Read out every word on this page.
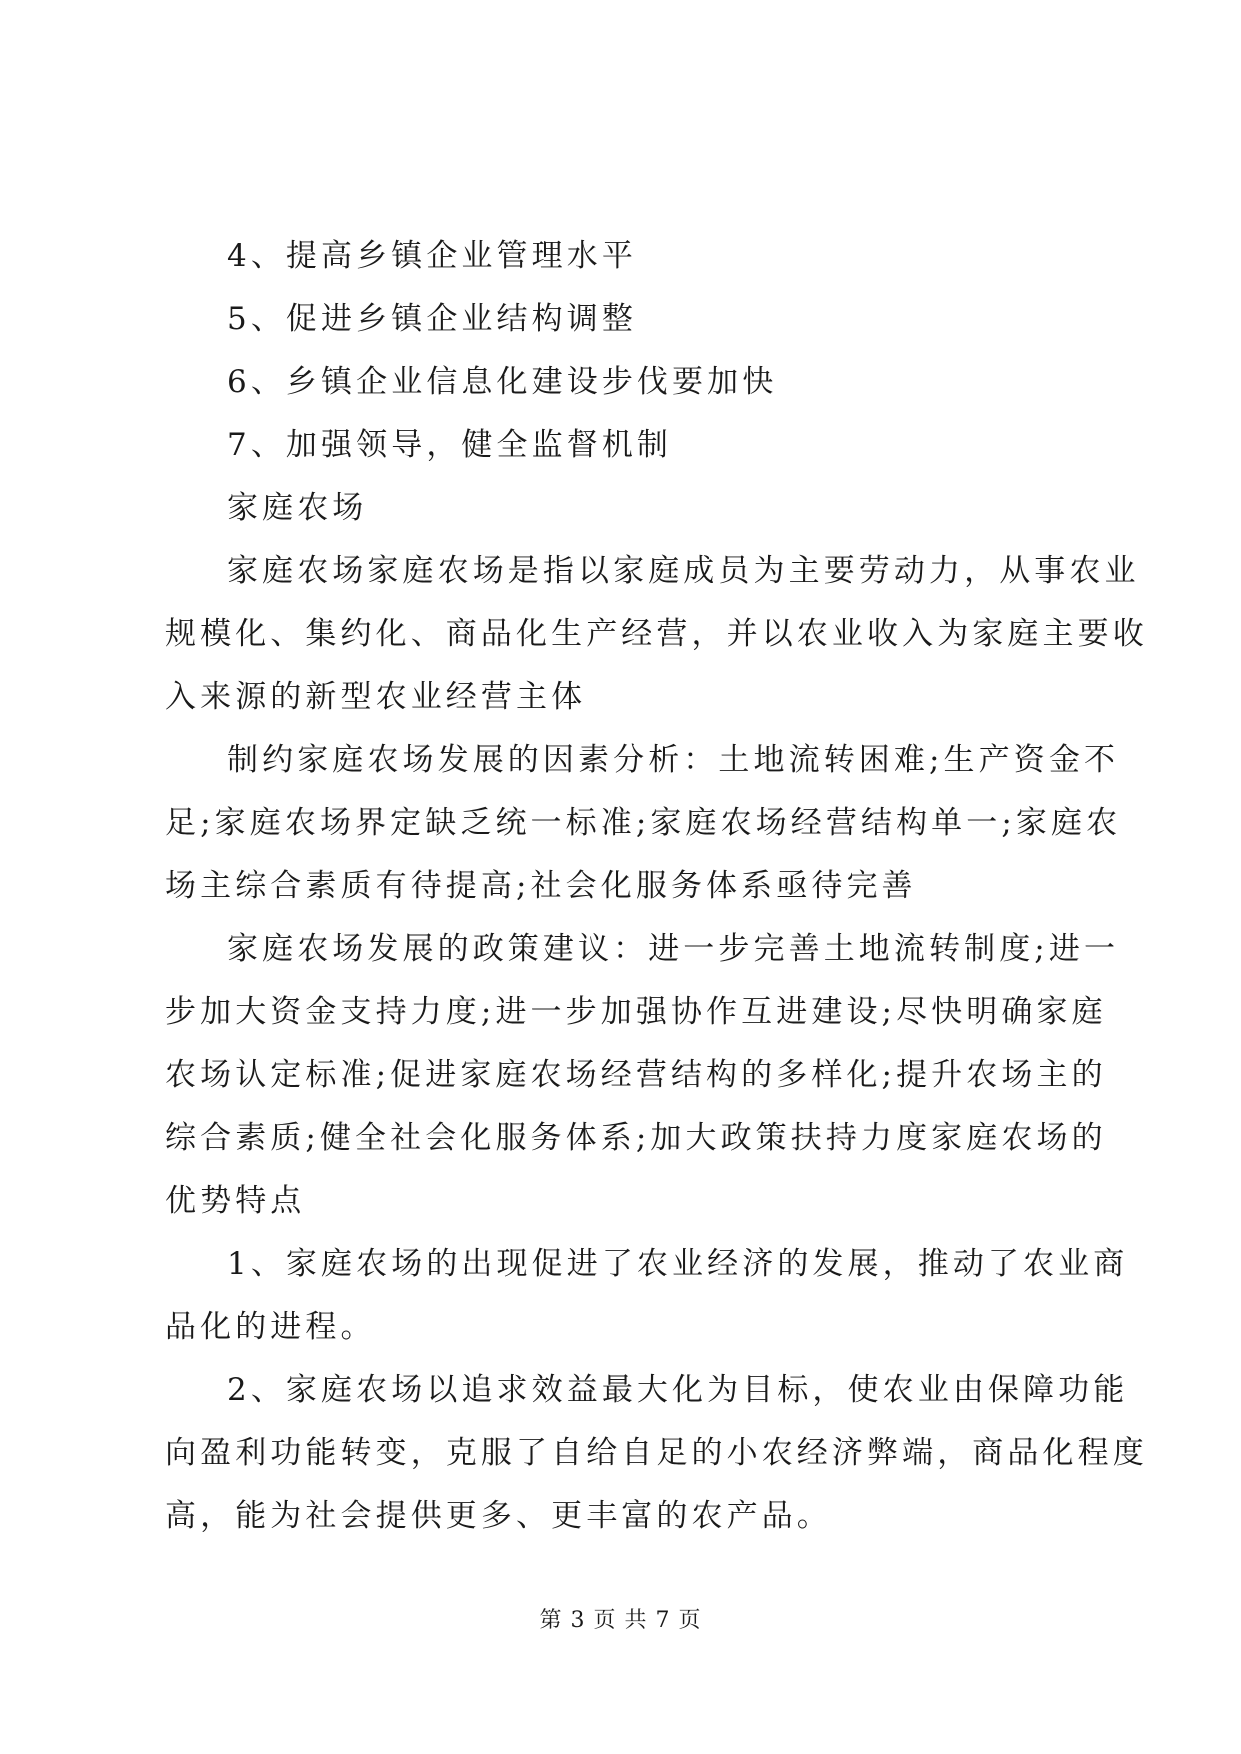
4、提高乡镇企业管理水平

5、促进乡镇企业结构调整

6、乡镇企业信息化建设步伐要加快

7、加强领导，健全监督机制

家庭农场

家庭农场家庭农场是指以家庭成员为主要劳动力，从事农业

规模化、集约化、商品化生产经营，并以农业收入为家庭主要收

入来源的新型农业经营主体

制约家庭农场发展的因素分析：土地流转困难;生产资金不

足;家庭农场界定缺乏统一标准;家庭农场经营结构单一;家庭农

场主综合素质有待提高;社会化服务体系亟待完善

家庭农场发展的政策建议：进一步完善土地流转制度;进一

步加大资金支持力度;进一步加强协作互进建设;尽快明确家庭

农场认定标准;促进家庭农场经营结构的多样化;提升农场主的

综合素质;健全社会化服务体系;加大政策扶持力度家庭农场的

优势特点

1、家庭农场的出现促进了农业经济的发展，推动了农业商

品化的进程。

2、家庭农场以追求效益最大化为目标，使农业由保障功能

向盈利功能转变，克服了自给自足的小农经济弊端，商品化程度

高，能为社会提供更多、更丰富的农产品。

第 3 页 共 7 页
